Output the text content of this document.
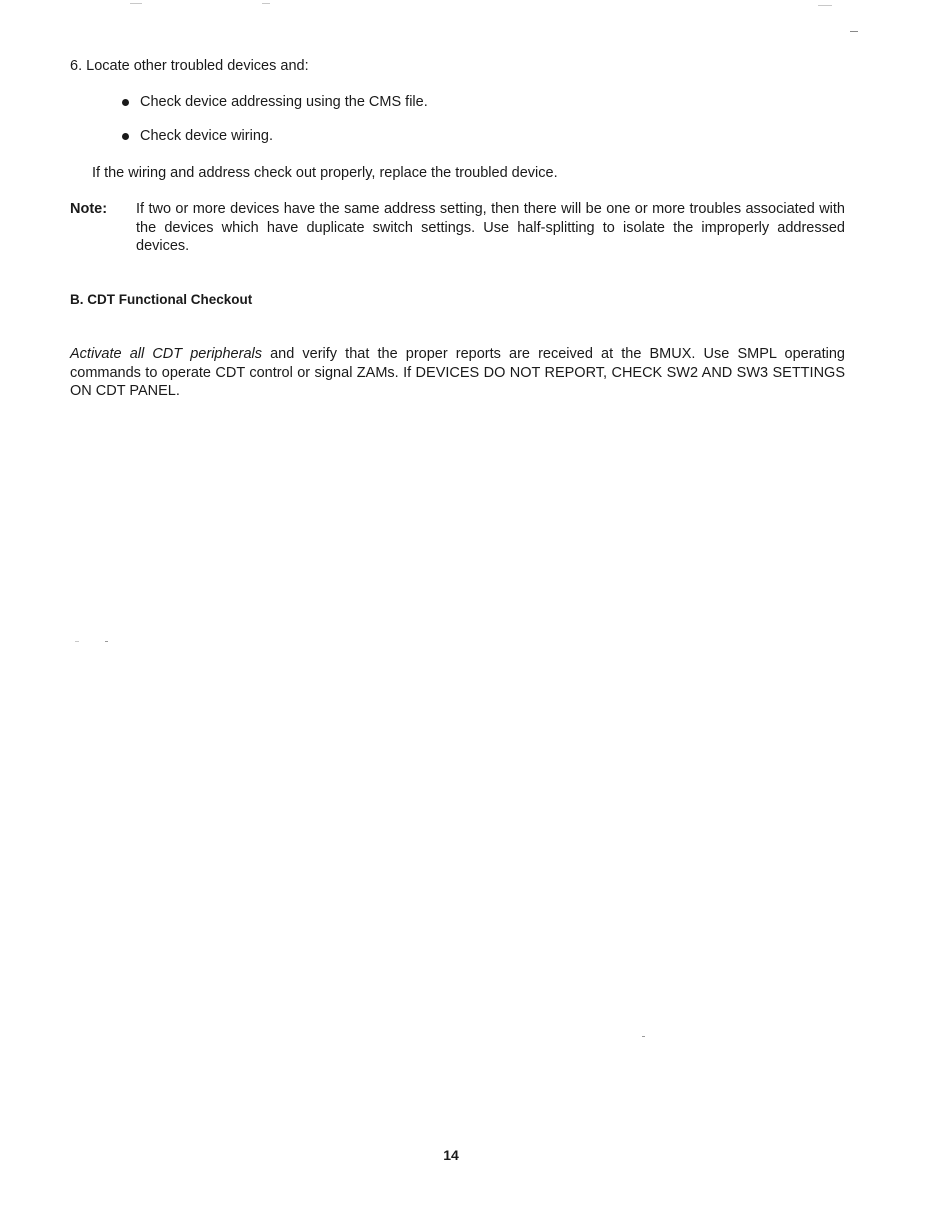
6. Locate other troubled devices and:

Check device addressing using the CMS file.

Check device wiring.

If the wiring and address check out properly, replace the troubled device.

Note:	If two or more devices have the same address setting, then there will be one or more troubles associated with the devices which have duplicate switch settings. Use half-splitting to isolate the improperly addressed devices.
B. CDT Functional Checkout

Activate all CDT peripherals and verify that the proper reports are received at the BMUX. Use SMPL operating commands to operate CDT control or signal ZAMs. If DEVICES DO NOT REPORT, CHECK SW2 AND SW3 SETTINGS ON CDT PANEL.

14
